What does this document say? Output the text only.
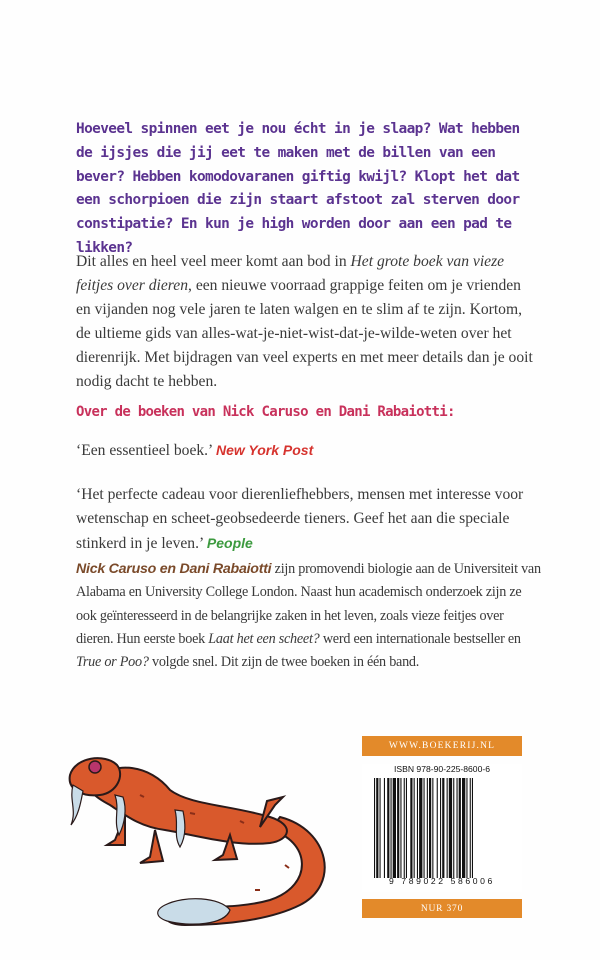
Hoeveel spinnen eet je nou écht in je slaap? Wat hebben de ijsjes die jij eet te maken met de billen van een bever? Hebben komodovaranen giftig kwijl? Klopt het dat een schorpioen die zijn staart afstoot zal sterven door constipatie? En kun je high worden door aan een pad te likken?

Dit alles en heel veel meer komt aan bod in Het grote boek van vieze feitjes over dieren, een nieuwe voorraad grappige feiten om je vrienden en vijanden nog vele jaren te laten walgen en te slim af te zijn. Kortom, de ultieme gids van alles-wat-je-niet-wist-dat-je-wilde-weten over het dierenrijk. Met bijdragen van veel experts en met meer details dan je ooit nodig dacht te hebben.

Over de boeken van Nick Caruso en Dani Rabaiotti:

‘Een essentieel boek.’ New York Post

‘Het perfecte cadeau voor dierenliefhebbers, mensen met interesse voor wetenschap en scheet-geobsedeerde tieners. Geef het aan die speciale stinkerd in je leven.’ People

Nick Caruso en Dani Rabaiotti zijn promovendi biologie aan de Universiteit van Alabama en University College London. Naast hun academisch onderzoek zijn ze ook geïnteresseerd in de belangrijke zaken in het leven, zoals vieze feitjes over dieren. Hun eerste boek Laat het een scheet? werd een internationale bestseller en True or Poo? volgde snel. Dit zijn de twee boeken in één band.

WWW.BOEKERIJ.NL
ISBN 978-90-225-8600-6
9 789022 586006
NUR 370
